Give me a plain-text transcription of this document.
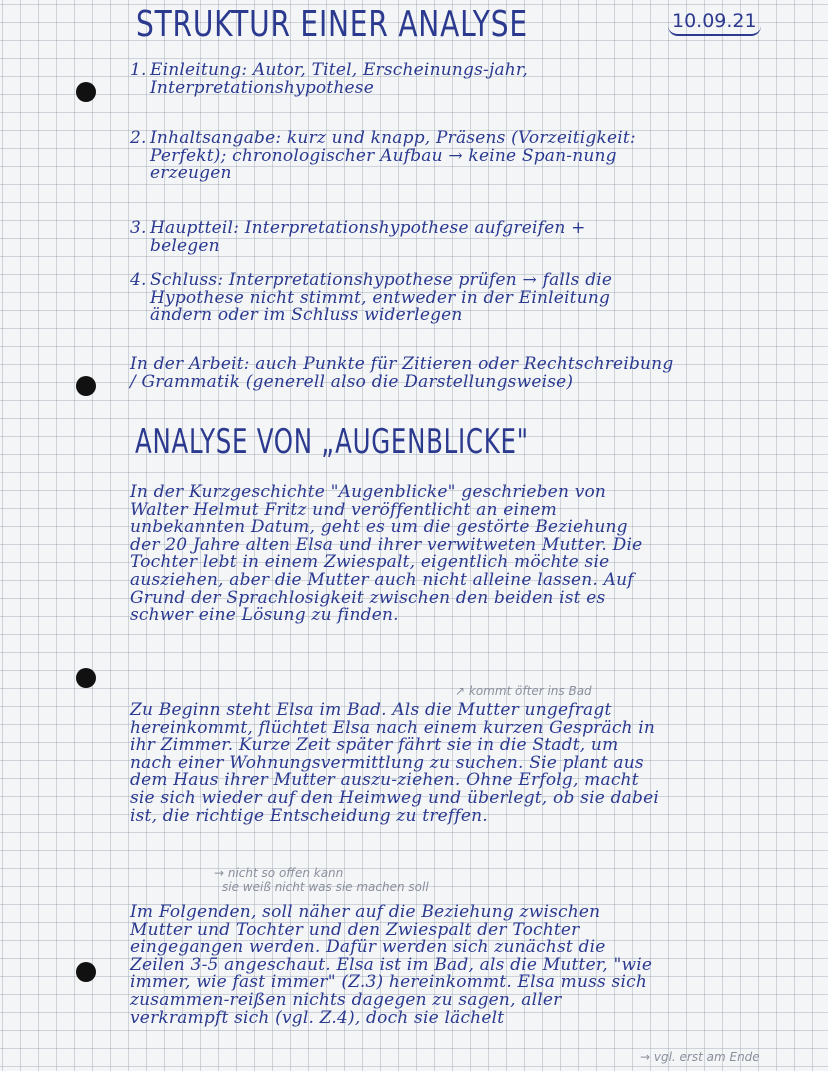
STRUKTUR EINER ANALYSE	10.09.21
1. Einleitung: Autor, Titel, Erscheinungs-jahr, Interpretationshypothese
2. Inhaltsangabe: kurz und knapp, Präsens (Vorzeitigkeit: Perfekt); chronologischer Aufbau → keine Span-nung erzeugen
3. Hauptteil: Interpretationshypothese aufgreifen + belegen
4. Schluss: Interpretationshypothese prüfen → falls die Hypothese nicht stimmt, entweder in der Einleitung ändern oder im Schluss widerlegen

In der Arbeit: auch Punkte für Zitieren oder Rechtschreibung / Grammatik (generell also die Darstellungsweise)

ANALYSE VON „AUGENBLICKE"

In der Kurzgeschichte "Augenblicke" geschrieben von Walter Helmut Fritz und veröffentlicht an einem unbekannten Datum, geht es um die gestörte Beziehung der 20 Jahre alten Elsa und ihrer verwitweten Mutter. Die Tochter lebt in einem Zwiespalt, eigentlich möchte sie ausziehen, aber die Mutter auch nicht alleine lassen. Auf Grund der Sprachlosigkeit zwischen den beiden ist es schwer eine Lösung zu finden.

↗ kommt öfter ins Bad

Zu Beginn steht Elsa im Bad. Als die Mutter ungefragt hereinkommt, flüchtet Elsa nach einem kurzen Gespräch in ihr Zimmer. Kurze Zeit später fährt sie in die Stadt, um nach einer Wohnungsvermittlung zu suchen. Sie plant aus dem Haus ihrer Mutter auszu-ziehen. Ohne Erfolg, macht sie sich wieder auf den Heimweg und überlegt, ob sie dabei ist, die richtige Entscheidung zu treffen.

→ nicht so offen kann
sie weiß nicht was sie machen soll

Im Folgenden, soll näher auf die Beziehung zwischen Mutter und Tochter und den Zwiespalt der Tochter eingegangen werden. Dafür werden sich zunächst die Zeilen 3-5 angeschaut. Elsa ist im Bad, als die Mutter, "wie immer, wie fast immer" (Z.3) hereinkommt. Elsa muss sich zusammen-reißen nichts dagegen zu sagen, aller verkrampft sich (vgl. Z.4), doch sie lächelt

→ vgl. erst am Ende
